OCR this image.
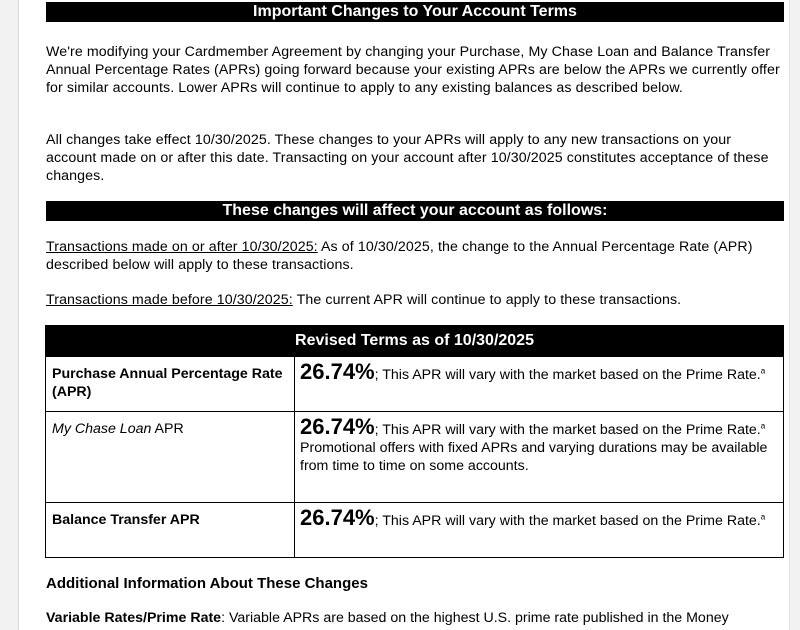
Important Changes to Your Account Terms
We're modifying your Cardmember Agreement by changing your Purchase, My Chase Loan and Balance Transfer Annual Percentage Rates (APRs) going forward because your existing APRs are below the APRs we currently offer for similar accounts. Lower APRs will continue to apply to any existing balances as described below.
All changes take effect 10/30/2025. These changes to your APRs will apply to any new transactions on your account made on or after this date. Transacting on your account after 10/30/2025 constitutes acceptance of these changes.
These changes will affect your account as follows:
Transactions made on or after 10/30/2025: As of 10/30/2025, the change to the Annual Percentage Rate (APR) described below will apply to these transactions.
Transactions made before 10/30/2025: The current APR will continue to apply to these transactions.
Revised Terms as of 10/30/2025	
Purchase Annual Percentage Rate (APR)	26.74%; This APR will vary with the market based on the Prime Rate.$^a$
My Chase Loan APR	26.74%; This APR will vary with the market based on the Prime Rate.$^a$
Promotional offers with fixed APRs and varying durations may be available from time to time on some accounts.
Balance Transfer APR	26.74%; This APR will vary with the market based on the Prime Rate.$^a$
Additional Information About These Changes
Variable Rates/Prime Rate: Variable APRs are based on the highest U.S. prime rate published in the Money
